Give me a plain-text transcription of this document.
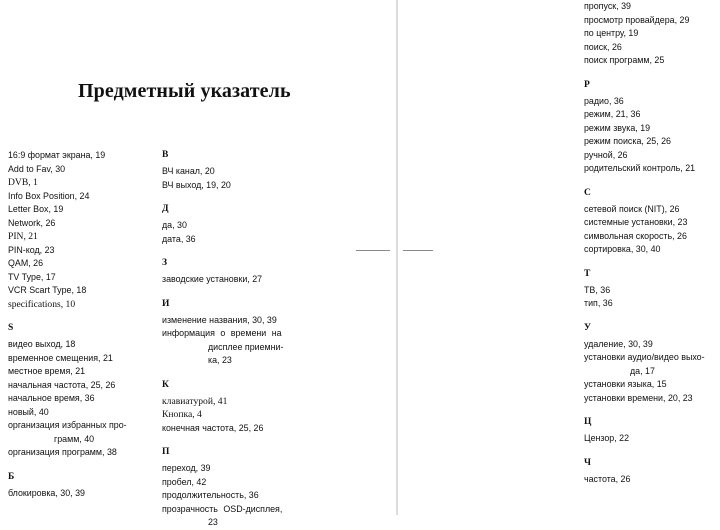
Предметный указатель
16:9 формат экрана, 19
Add to Fav, 30
DVB, 1
Info Box Position, 24
Letter Box, 19
Network, 26
PIN, 21
PIN-код, 23
QAM, 26
TV Type, 17
VCR Scart Type, 18
specifications, 10
S
видео выход, 18
временное смещения, 21
местное время, 21
начальная частота, 25, 26
начальное время, 36
новый, 40
организация избранных про-
грамм, 40
организация программ, 38
Б
блокировка, 30, 39
В
ВЧ канал, 20
ВЧ выход, 19, 20
Д
да, 30
дата, 36
З
заводские установки, 27
И
изменение названия, 30, 39
информация о времени на
дисплее приемни-
ка, 23
К
клавиатурой, 41
Кнопка, 4
конечная частота, 25, 26
П
переход, 39
пробел, 42
продолжительность, 36
прозрачность OSD-дисплея,
23
пропуск, 39
просмотр провайдера, 29
по центру, 19
поиск, 26
поиск программ, 25
Р
радио, 36
режим, 21, 36
режим звука, 19
режим поиска, 25, 26
ручной, 26
родительский контроль, 21
С
сетевой поиск (NIT), 26
системные установки, 23
символьная скорость, 26
сортировка, 30, 40
Т
ТВ, 36
тип, 36
У
удаление, 30, 39
установки аудио/видео выхо-
да, 17
установки языка, 15
установки времени, 20, 23
Ц
Цензор, 22
Ч
частота, 26
